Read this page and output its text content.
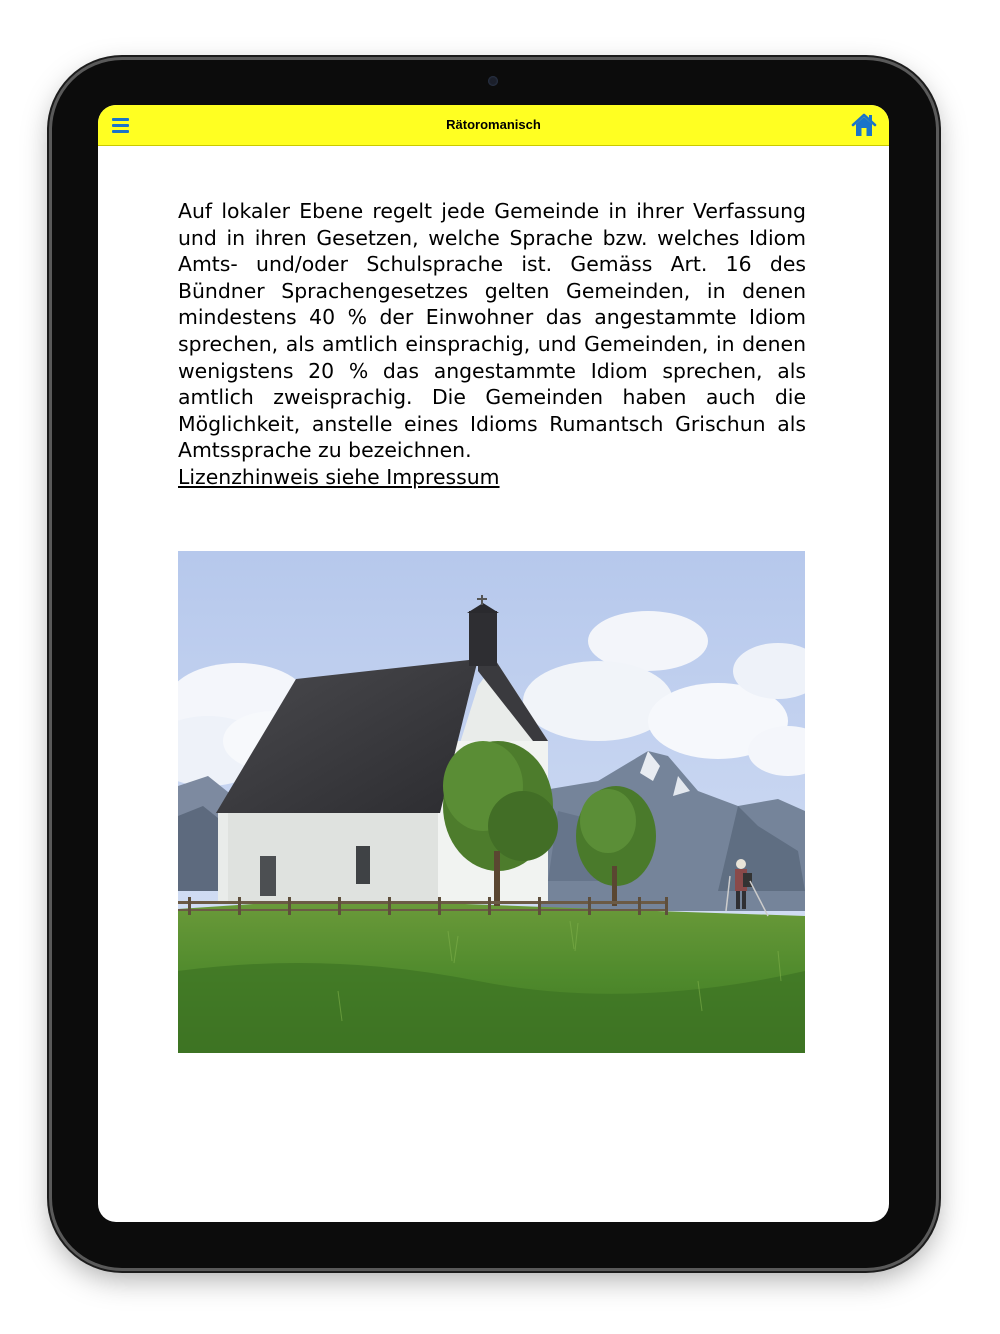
Rätoromanisch

Auf lokaler Ebene regelt jede Gemeinde in ihrer Verfassung und in ihren Gesetzen, welche Sprache bzw. welches Idiom Amts- und/oder Schulsprache ist. Gemäss Art. 16 des Bündner Sprachengesetzes gelten Gemeinden, in denen mindestens 40 % der Einwohner das angestammte Idiom sprechen, als amtlich einsprachig, und Gemeinden, in denen wenigstens 20 % das angestammte Idiom sprechen, als amtlich zweisprachig. Die Gemeinden haben auch die Möglichkeit, anstelle eines Idioms Rumantsch Grischun als Amtssprache zu bezeichnen.

Lizenzhinweis siehe Impressum
